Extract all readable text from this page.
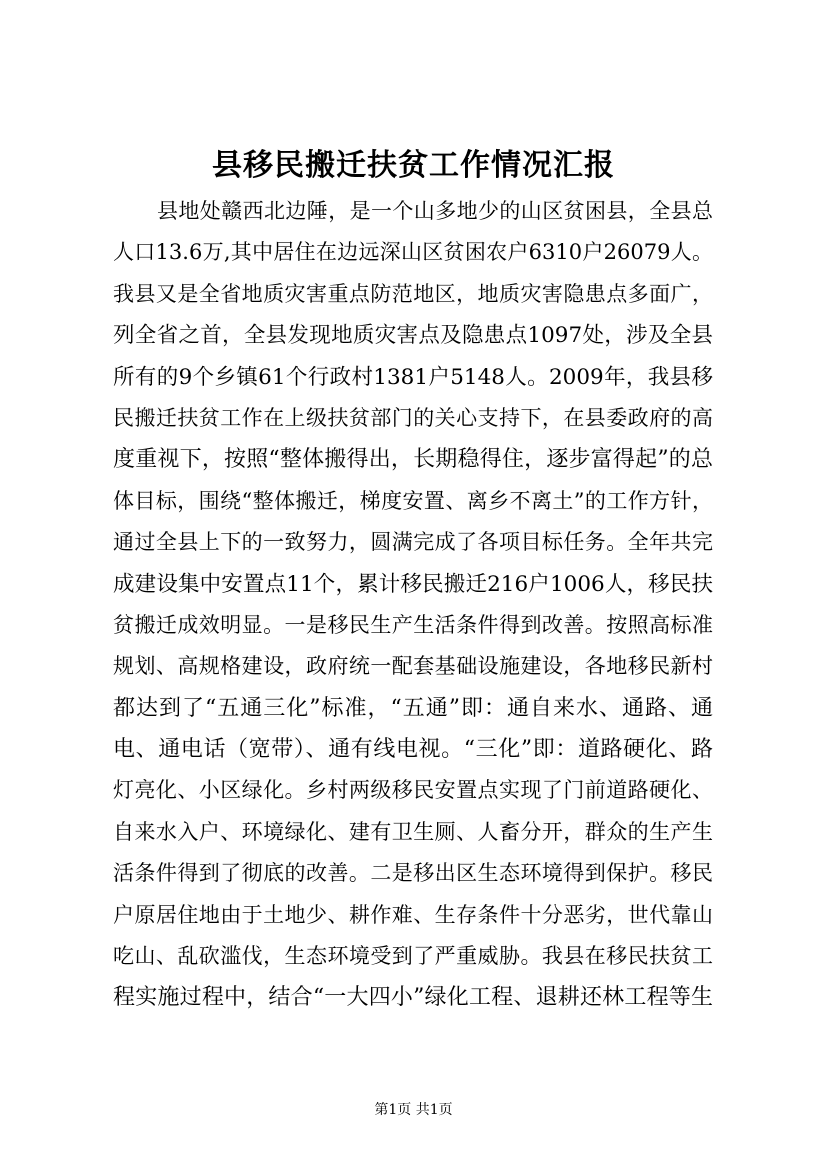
县移民搬迁扶贫工作情况汇报
县地处赣西北边陲，是一个山多地少的山区贫困县，全县总
人口13.6万,其中居住在边远深山区贫困农户6310户26079人。
我县又是全省地质灾害重点防范地区，地质灾害隐患点多面广，
列全省之首，全县发现地质灾害点及隐患点1097处，涉及全县
所有的9个乡镇61个行政村1381户5148人。2009年，我县移
民搬迁扶贫工作在上级扶贫部门的关心支持下，在县委政府的高
度重视下，按照“整体搬得出，长期稳得住，逐步富得起”的总
体目标，围绕“整体搬迁，梯度安置、离乡不离土”的工作方针，
通过全县上下的一致努力，圆满完成了各项目标任务。全年共完
成建设集中安置点11个，累计移民搬迁216户1006人，移民扶
贫搬迁成效明显。一是移民生产生活条件得到改善。按照高标准
规划、高规格建设，政府统一配套基础设施建设，各地移民新村
都达到了“五通三化”标准，“五通”即：通自来水、通路、通
电、通电话（宽带）、通有线电视。“三化”即：道路硬化、路
灯亮化、小区绿化。乡村两级移民安置点实现了门前道路硬化、
自来水入户、环境绿化、建有卫生厕、人畜分开，群众的生产生
活条件得到了彻底的改善。二是移出区生态环境得到保护。移民
户原居住地由于土地少、耕作难、生存条件十分恶劣，世代靠山
吃山、乱砍滥伐，生态环境受到了严重威胁。我县在移民扶贫工
程实施过程中，结合“一大四小”绿化工程、退耕还林工程等生
第1页 共1页
